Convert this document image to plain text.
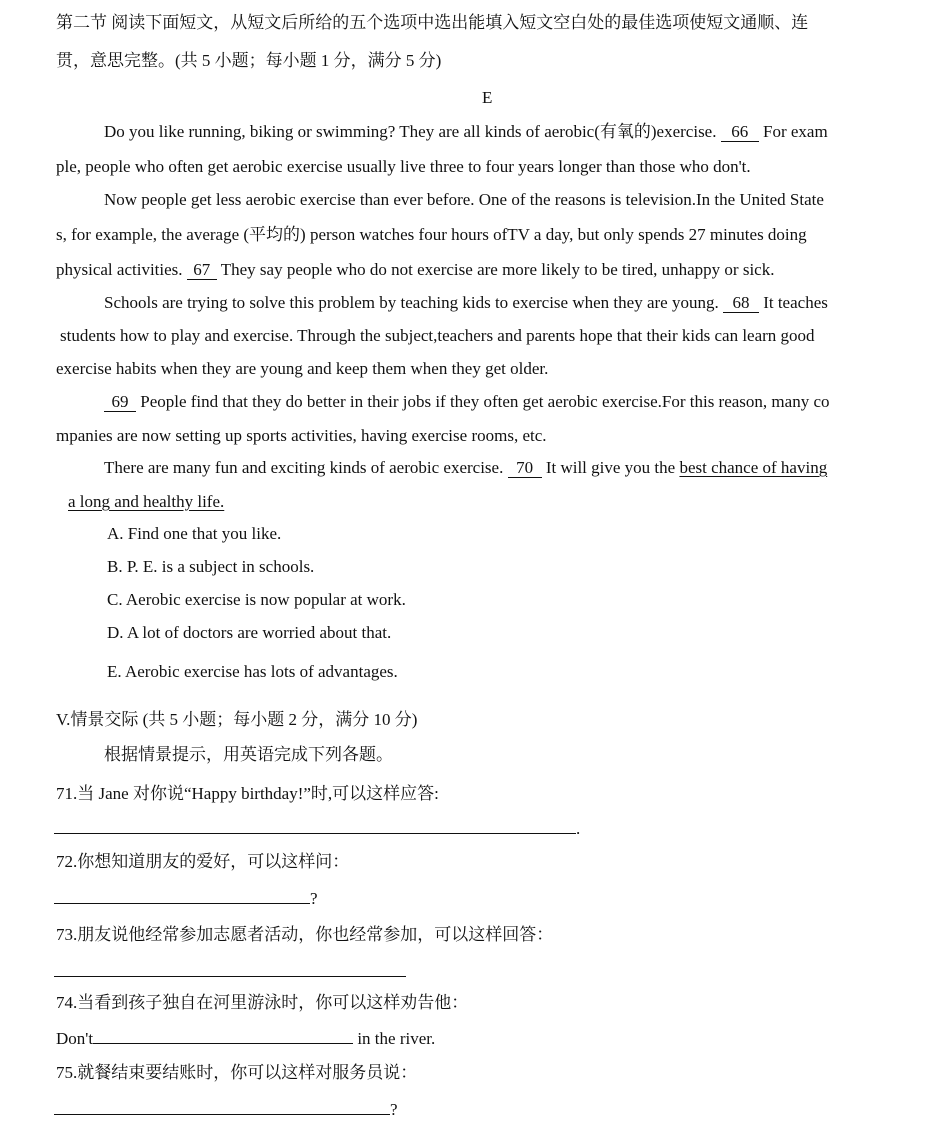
第二节 阅读下面短文，从短文后所给的五个选项中选出能填入短文空白处的最佳选项使短文通顺、连
贯，意思完整。(共 5 小题；每小题 1 分，满分 5 分)
E
Do you like running, biking or swimming? They are all kinds of aerobic(有氧的)exercise. 66 For exam
ple, people who often get aerobic exercise usually live three to four years longer than those who don't.
Now people get less aerobic exercise than ever before. One of the reasons is television.In the United State
s, for example, the average (平均的) person watches four hours ofTV a day, but only spends 27 minutes doing
physical activities. 67 They say people who do not exercise are more likely to be tired, unhappy or sick.
Schools are trying to solve this problem by teaching kids to exercise when they are young. 68 It teaches
students how to play and exercise. Through the subject,teachers and parents hope that their kids can learn good
exercise habits when they are young and keep them when they get older.
69 People find that they do better in their jobs if they often get aerobic exercise.For this reason, many co
mpanies are now setting up sports activities, having exercise rooms, etc.
There are many fun and exciting kinds of aerobic exercise. 70 It will give you the best chance of having
a long and healthy life.
A. Find one that you like.
B. P. E. is a subject in schools.
C. Aerobic exercise is now popular at work.
D. A lot of doctors are worried about that.
E. Aerobic exercise has lots of advantages.
V.情景交际 (共 5 小题；每小题 2 分，满分 10 分)
根据情景提示，用英语完成下列各题。
71.当 Jane 对你说“Happy birthday!”时,可以这样应答:
.
72.你想知道朋友的爱好，可以这样问：
?
73.朋友说他经常参加志愿者活动，你也经常参加，可以这样回答：
74.当看到孩子独自在河里游泳时，你可以这样劝告他：
Don't	in the river.
75.就餐结束要结账时，你可以这样对服务员说：
?
